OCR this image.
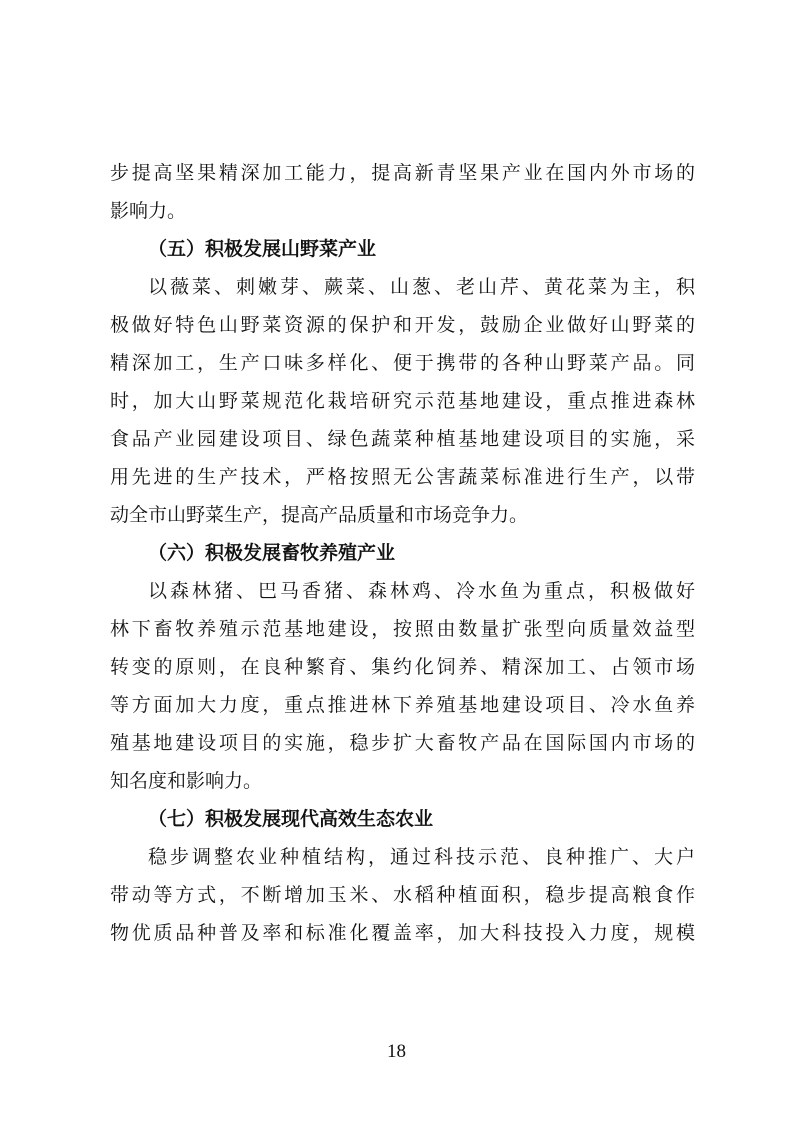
步提高坚果精深加工能力，提高新青坚果产业在国内外市场的
影响力。
（五）积极发展山野菜产业
以薇菜、刺嫩芽、蕨菜、山葱、老山芹、黄花菜为主，积
极做好特色山野菜资源的保护和开发，鼓励企业做好山野菜的
精深加工，生产口味多样化、便于携带的各种山野菜产品。同
时，加大山野菜规范化栽培研究示范基地建设，重点推进森林
食品产业园建设项目、绿色蔬菜种植基地建设项目的实施，采
用先进的生产技术，严格按照无公害蔬菜标准进行生产，以带
动全市山野菜生产，提高产品质量和市场竞争力。
（六）积极发展畜牧养殖产业
以森林猪、巴马香猪、森林鸡、冷水鱼为重点，积极做好
林下畜牧养殖示范基地建设，按照由数量扩张型向质量效益型
转变的原则，在良种繁育、集约化饲养、精深加工、占领市场
等方面加大力度，重点推进林下养殖基地建设项目、冷水鱼养
殖基地建设项目的实施，稳步扩大畜牧产品在国际国内市场的
知名度和影响力。
（七）积极发展现代高效生态农业
稳步调整农业种植结构，通过科技示范、良种推广、大户
带动等方式，不断增加玉米、水稻种植面积，稳步提高粮食作
物优质品种普及率和标准化覆盖率，加大科技投入力度，规模
18
